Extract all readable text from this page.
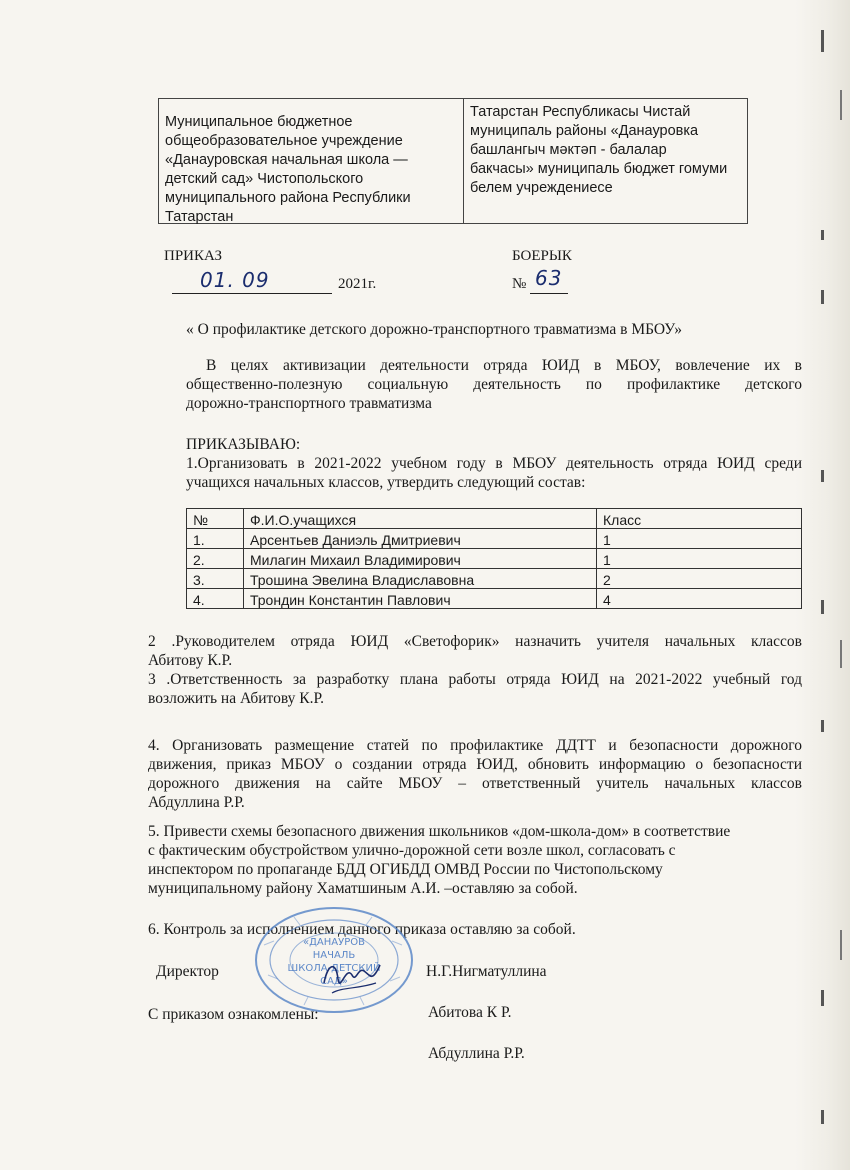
Муниципальное бюджетное
общеобразовательное учреждение
«Данауровская начальная школа —
детский сад» Чистопольского
муниципального района Республики
Татарстан
Татарстан Республикасы Чистай
муниципаль районы «Данауровка
башлангыч мәктәп - балалар
бакчасы» муниципаль бюджет гомуми
белем учреждениесе

ПРИКАЗ	БОЕРЫК

01. 09	2021г.	№ 63

« О профилактике детского дорожно-транспортного травматизма в МБОУ»

В целях активизации деятельности отряда ЮИД в МБОУ, вовлечение их в
общественно-полезную социальную деятельность по профилактике детского
дорожно-транспортного травматизма

ПРИКАЗЫВАЮ:

1.Организовать в 2021-2022 учебном году в МБОУ деятельность отряда ЮИД среди
учащихся начальных классов, утвердить следующий состав:
№	Ф.И.О.учащихся	Класс
1.	Арсентьев Даниэль Дмитриевич	1
2.	Милагин Михаил Владимирович	1
3.	Трошина Эвелина Владиславовна	2
4.	Трондин Константин Павлович	4
2 .Руководителем отряда ЮИД «Светофорик» назначить учителя начальных классов
Абитову К.Р.
3 .Ответственность за разработку плана работы отряда ЮИД на 2021-2022 учебный год
возложить на Абитову К.Р.
4. Организовать размещение статей по профилактике ДДТТ и безопасности дорожного
движения, приказ МБОУ о создании отряда ЮИД, обновить информацию о безопасности
дорожного движения на сайте МБОУ – ответственный учитель начальных классов
Абдуллина Р.Р.
5. Привести схемы безопасного движения школьников «дом-школа-дом» в соответствие
с фактическим обустройством улично-дорожной сети возле школ, согласовать с
инспектором по пропаганде БДД ОГИБДД ОМВД России по Чистопольскому
муниципальному району Хаматшиным А.И. –оставляю за собой.

6. Контроль за исполнением данного приказа оставляю за собой.

«ДАНАУРОВ
НАЧАЛЬ
ШКОЛА-ДЕТСКИЙ
САД»

Директор	Н.Г.Нигматуллина

С приказом ознакомлены:	Абитова К Р.

Абдуллина Р.Р.
